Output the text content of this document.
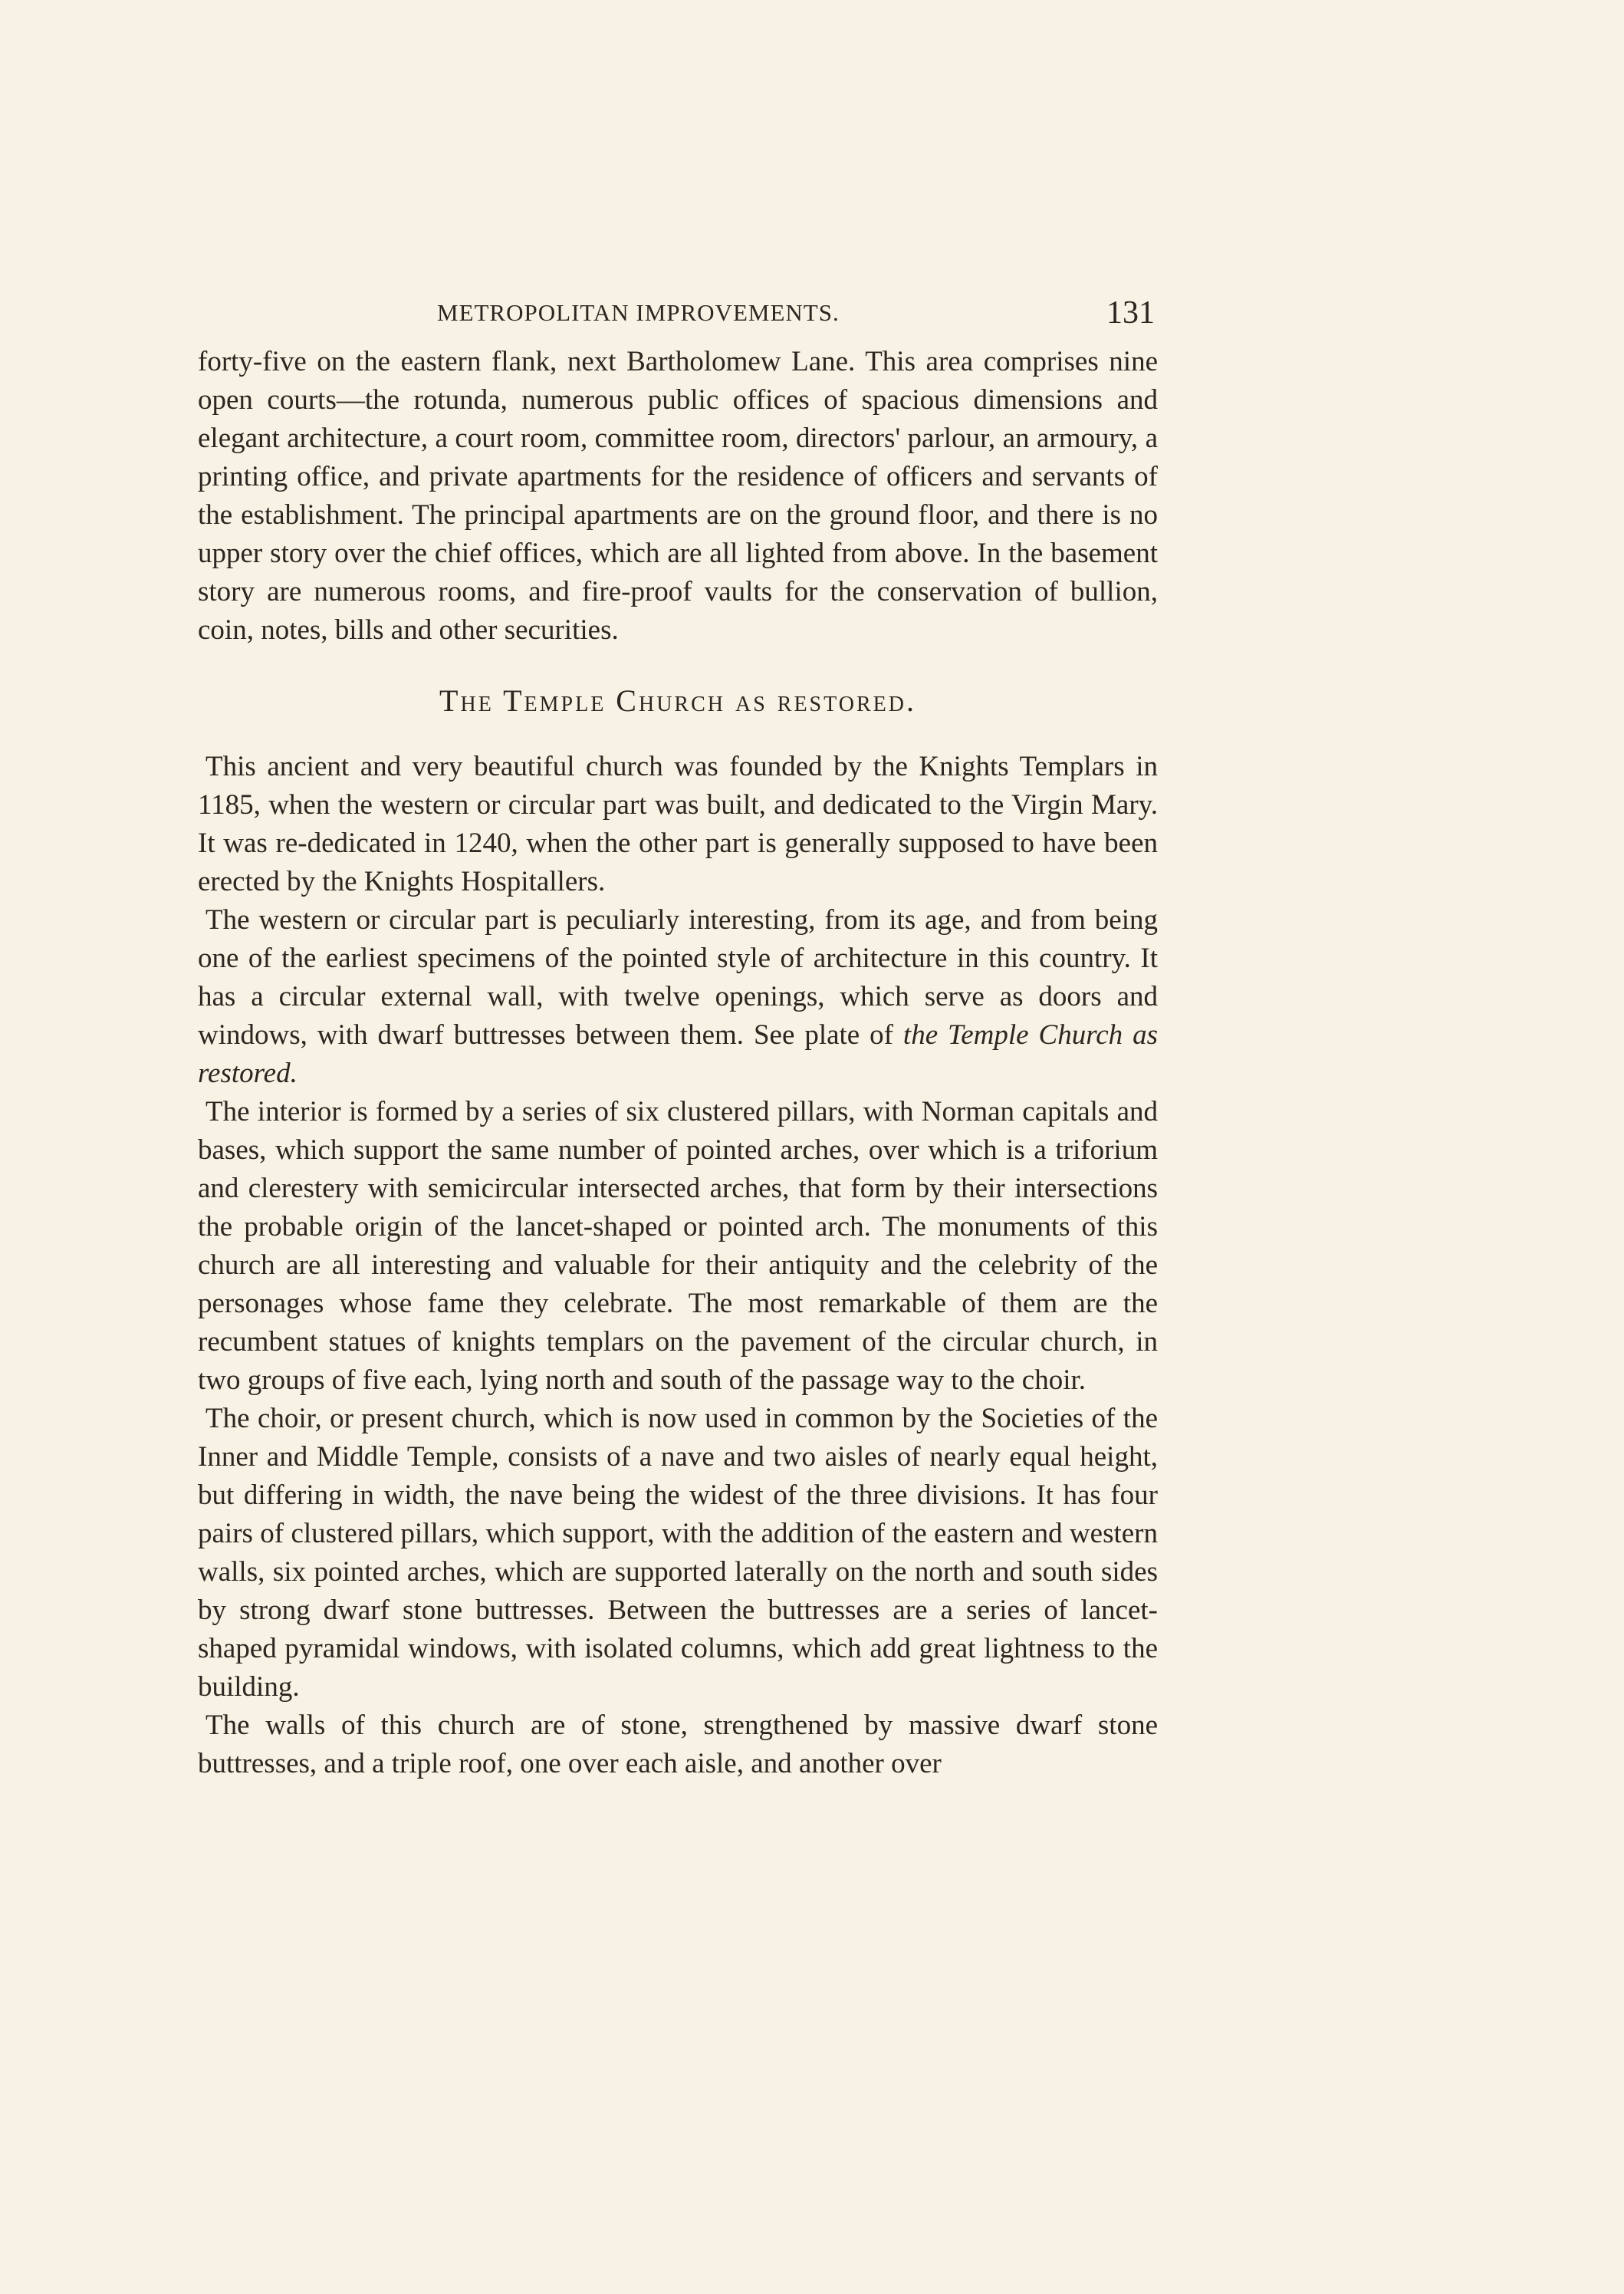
METROPOLITAN IMPROVEMENTS.	131

forty-five on the eastern flank, next Bartholomew Lane. This area comprises nine open courts—the rotunda, numerous public offices of spacious dimensions and elegant architecture, a court room, committee room, directors' parlour, an armoury, a printing office, and private apartments for the residence of officers and servants of the establishment. The principal apartments are on the ground floor, and there is no upper story over the chief offices, which are all lighted from above. In the basement story are numerous rooms, and fire-proof vaults for the conservation of bullion, coin, notes, bills and other securities.

The Temple Church as restored.

This ancient and very beautiful church was founded by the Knights Templars in 1185, when the western or circular part was built, and dedicated to the Virgin Mary. It was re-dedicated in 1240, when the other part is generally supposed to have been erected by the Knights Hospitallers.

The western or circular part is peculiarly interesting, from its age, and from being one of the earliest specimens of the pointed style of architecture in this country. It has a circular external wall, with twelve openings, which serve as doors and windows, with dwarf buttresses between them. See plate of the Temple Church as restored.

The interior is formed by a series of six clustered pillars, with Norman capitals and bases, which support the same number of pointed arches, over which is a triforium and clerestery with semicircular intersected arches, that form by their intersections the probable origin of the lancet-shaped or pointed arch. The monuments of this church are all interesting and valuable for their antiquity and the celebrity of the personages whose fame they celebrate. The most remarkable of them are the recumbent statues of knights templars on the pavement of the circular church, in two groups of five each, lying north and south of the passage way to the choir.

The choir, or present church, which is now used in common by the Societies of the Inner and Middle Temple, consists of a nave and two aisles of nearly equal height, but differing in width, the nave being the widest of the three divisions. It has four pairs of clustered pillars, which support, with the addition of the eastern and western walls, six pointed arches, which are supported laterally on the north and south sides by strong dwarf stone buttresses. Between the buttresses are a series of lancet-shaped pyramidal windows, with isolated columns, which add great lightness to the building.

The walls of this church are of stone, strengthened by massive dwarf stone buttresses, and a triple roof, one over each aisle, and another over
